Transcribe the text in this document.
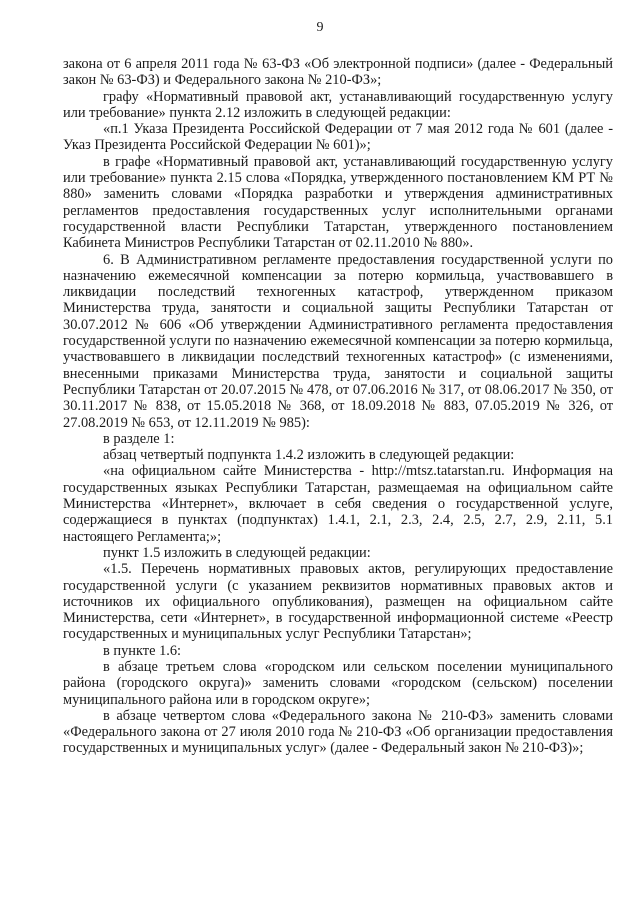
9

закона от 6 апреля 2011 года № 63-ФЗ «Об электронной подписи» (далее - Федеральный закон № 63-ФЗ) и Федерального закона № 210-ФЗ»;

графу «Нормативный правовой акт, устанавливающий государственную услугу или требование» пункта 2.12 изложить в следующей редакции:

«п.1 Указа Президента Российской Федерации от 7 мая 2012 года № 601 (далее - Указ Президента Российской Федерации № 601)»;

в графе «Нормативный правовой акт, устанавливающий государственную услугу или требование» пункта 2.15 слова «Порядка, утвержденного постановлением КМ РТ № 880» заменить словами «Порядка разработки и утверждения административных регламентов предоставления государственных услуг исполнительными органами государственной власти Республики Татарстан, утвержденного постановлением Кабинета Министров Республики Татарстан от 02.11.2010 № 880».

6. В Административном регламенте предоставления государственной услуги по назначению ежемесячной компенсации за потерю кормильца, участвовавшего в ликвидации последствий техногенных катастроф, утвержденном приказом Министерства труда, занятости и социальной защиты Республики Татарстан от 30.07.2012 № 606 «Об утверждении Административного регламента предоставления государственной услуги по назначению ежемесячной компенсации за потерю кормильца, участвовавшего в ликвидации последствий техногенных катастроф» (с изменениями, внесенными приказами Министерства труда, занятости и социальной защиты Республики Татарстан от 20.07.2015 № 478, от 07.06.2016 № 317, от 08.06.2017 № 350, от 30.11.2017 № 838, от 15.05.2018 № 368, от 18.09.2018 № 883, 07.05.2019 № 326, от 27.08.2019 № 653, от 12.11.2019 № 985):

в разделе 1:

абзац четвертый подпункта 1.4.2 изложить в следующей редакции:

«на официальном сайте Министерства - http://mtsz.tatarstan.ru. Информация на государственных языках Республики Татарстан, размещаемая на официальном сайте Министерства «Интернет», включает в себя сведения о государственной услуге, содержащиеся в пунктах (подпунктах) 1.4.1, 2.1, 2.3, 2.4, 2.5, 2.7, 2.9, 2.11, 5.1 настоящего Регламента;»;

пункт 1.5 изложить в следующей редакции:

«1.5. Перечень нормативных правовых актов, регулирующих предоставление государственной услуги (с указанием реквизитов нормативных правовых актов и источников их официального опубликования), размещен на официальном сайте Министерства, сети «Интернет», в государственной информационной системе «Реестр государственных и муниципальных услуг Республики Татарстан»;

в пункте 1.6:

в абзаце третьем слова «городском или сельском поселении муниципального района (городского округа)» заменить словами «городском (сельском) поселении муниципального района или в городском округе»;

в абзаце четвертом слова «Федерального закона № 210-ФЗ» заменить словами «Федерального закона от 27 июля 2010 года № 210-ФЗ «Об организации предоставления государственных и муниципальных услуг» (далее - Федеральный закон № 210-ФЗ)»;
